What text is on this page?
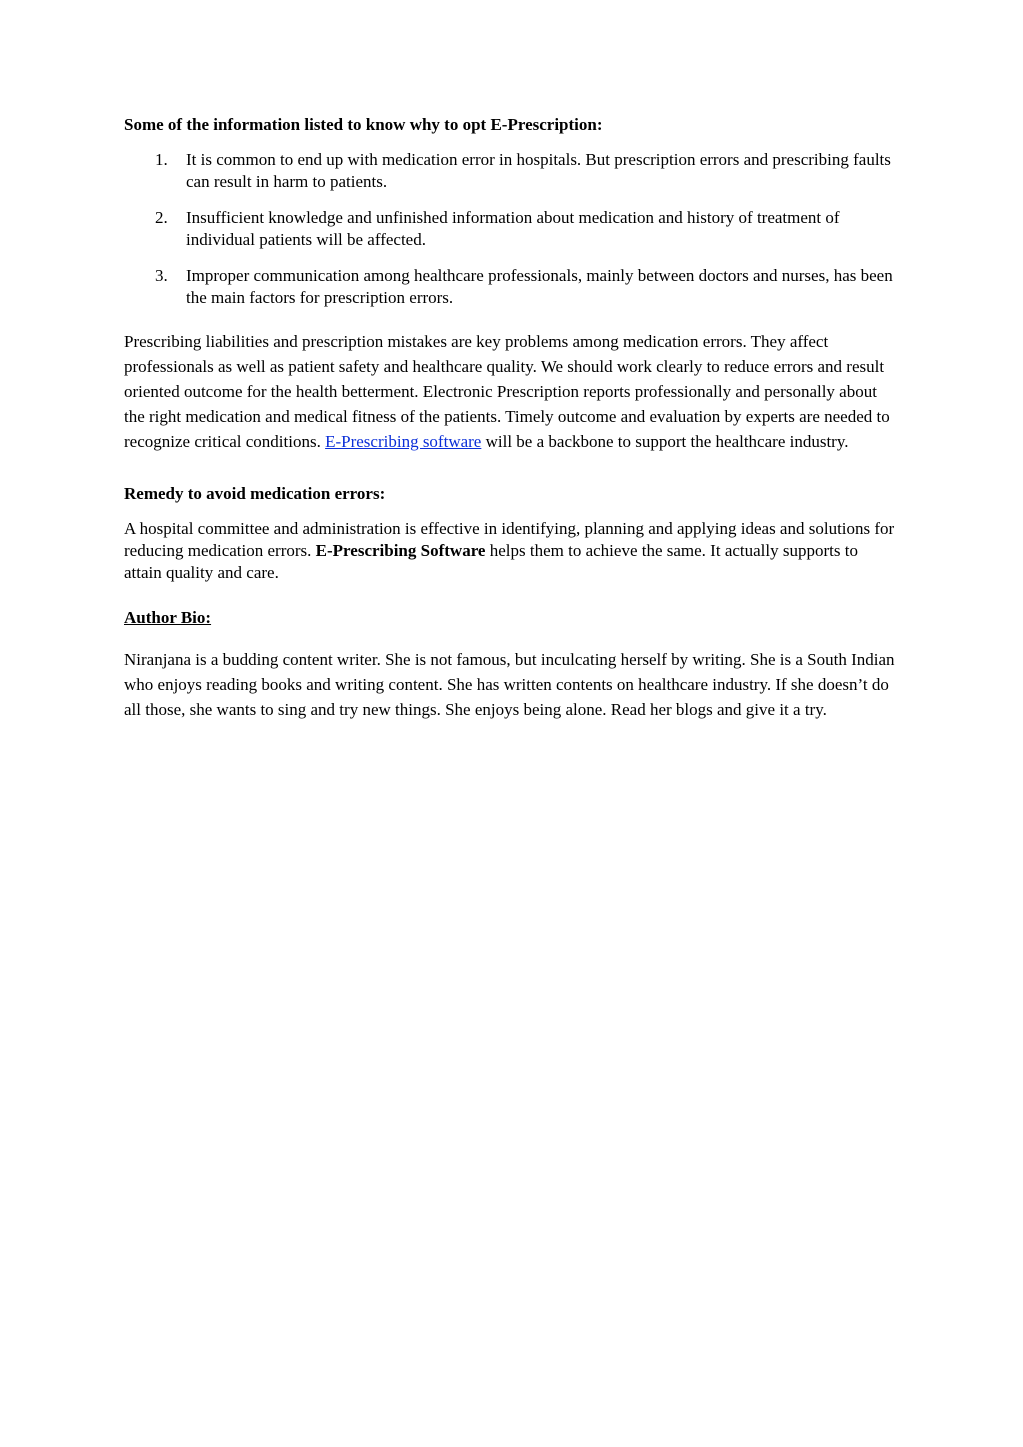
Some of the information listed to know why to opt E-Prescription:
1. It is common to end up with medication error in hospitals. But prescription errors and prescribing faults can result in harm to patients.
2. Insufficient knowledge and unfinished information about medication and history of treatment of individual patients will be affected.
3. Improper communication among healthcare professionals, mainly between doctors and nurses, has been the main factors for prescription errors.

Prescribing liabilities and prescription mistakes are key problems among medication errors. They affect professionals as well as patient safety and healthcare quality. We should work clearly to reduce errors and result oriented outcome for the health betterment. Electronic Prescription reports professionally and personally about the right medication and medical fitness of the patients. Timely outcome and evaluation by experts are needed to recognize critical conditions. E-Prescribing software will be a backbone to support the healthcare industry.

Remedy to avoid medication errors:

A hospital committee and administration is effective in identifying, planning and applying ideas and solutions for reducing medication errors. E-Prescribing Software helps them to achieve the same. It actually supports to attain quality and care.

Author Bio:

Niranjana is a budding content writer. She is not famous, but inculcating herself by writing. She is a South Indian who enjoys reading books and writing content. She has written contents on healthcare industry. If she doesn’t do all those, she wants to sing and try new things. She enjoys being alone. Read her blogs and give it a try.
